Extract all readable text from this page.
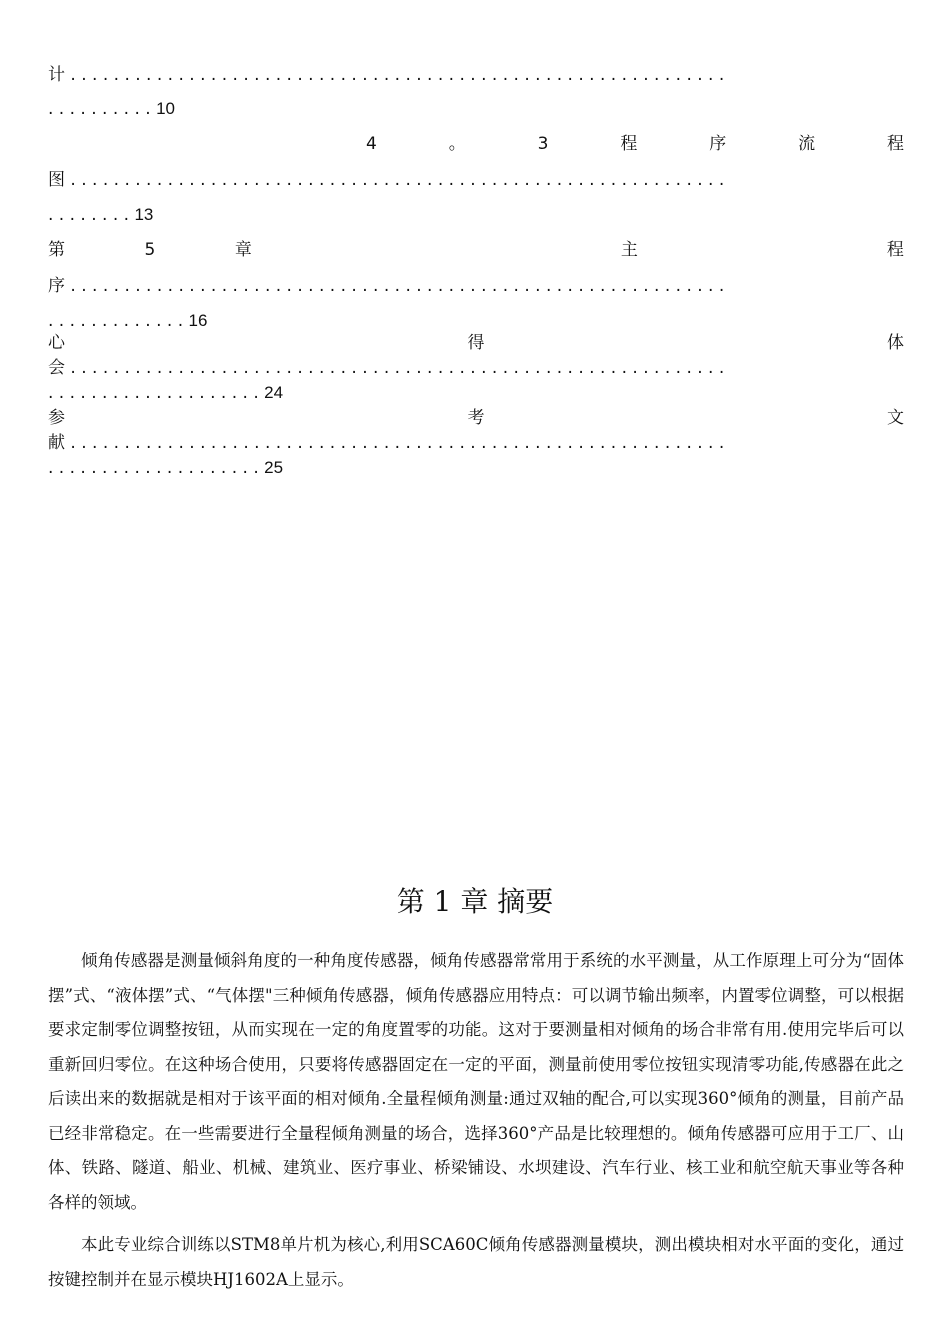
计 . . . . . . . . . . . . . . . . . . . . . . . . . . . . . . . . . . . . . . . . . . . . . . . . . . . . . . . . . . . . .
. . . . . . . . . . 10
4	。	3	程	序	流	程
图 . . . . . . . . . . . . . . . . . . . . . . . . . . . . . . . . . . . . . . . . . . . . . . . . . . . . . . . . . . . . .
. . . . . . . . 13
第	5	章	主	程
序 . . . . . . . . . . . . . . . . . . . . . . . . . . . . . . . . . . . . . . . . . . . . . . . . . . . . . . . . . . . . .
. . . . . . . . . . . . . 16
心	得	体
会 . . . . . . . . . . . . . . . . . . . . . . . . . . . . . . . . . . . . . . . . . . . . . . . . . . . . . . . . . . . . .
. . . . . . . . . . . . . . . . . . . . 24
参	考	文
献 . . . . . . . . . . . . . . . . . . . . . . . . . . . . . . . . . . . . . . . . . . . . . . . . . . . . . . . . . . . . .
. . . . . . . . . . . . . . . . . . . . 25
第 1 章 摘要

倾角传感器是测量倾斜角度的一种角度传感器，倾角传感器常常用于系统的水平测量，从工作原理上可分为“固体摆”式、“液体摆”式、“气体摆"三种倾角传感器，倾角传感器应用特点：可以调节输出频率，内置零位调整，可以根据要求定制零位调整按钮，从而实现在一定的角度置零的功能。这对于要测量相对倾角的场合非常有用.使用完毕后可以重新回归零位。在这种场合使用，只要将传感器固定在一定的平面，测量前使用零位按钮实现清零功能,传感器在此之后读出来的数据就是相对于该平面的相对倾角.全量程倾角测量:通过双轴的配合,可以实现360°倾角的测量，目前产品已经非常稳定。在一些需要进行全量程倾角测量的场合，选择360°产品是比较理想的。倾角传感器可应用于工厂、山体、铁路、隧道、船业、机械、建筑业、医疗事业、桥梁铺设、水坝建设、汽车行业、核工业和航空航天事业等各种各样的领域。

本此专业综合训练以STM8单片机为核心,利用SCA60C倾角传感器测量模块，测出模块相对水平面的变化，通过按键控制并在显示模块HJ1602A上显示。
